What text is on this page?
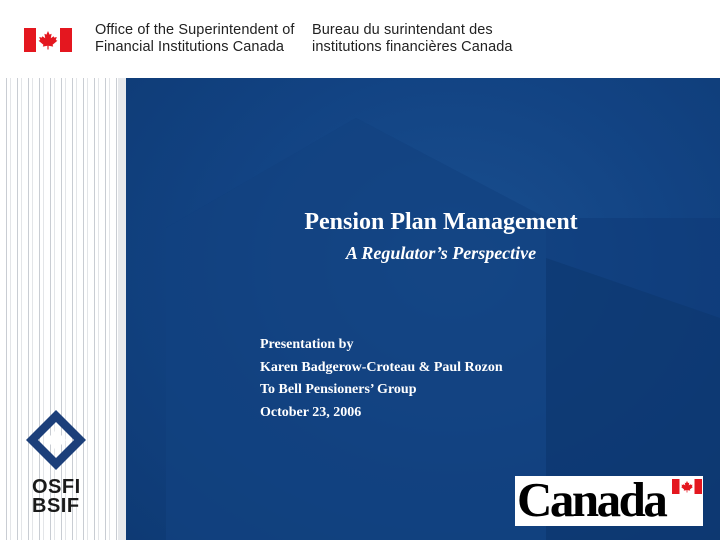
Office of the Superintendent of
Financial Institutions Canada
Bureau du surintendant des
institutions financières Canada
OSFI
BSIF
Pension Plan Management
A Regulator’s Perspective
Presentation by
Karen Badgerow-Croteau & Paul Rozon
To Bell Pensioners’ Group
October 23, 2006
Canada
